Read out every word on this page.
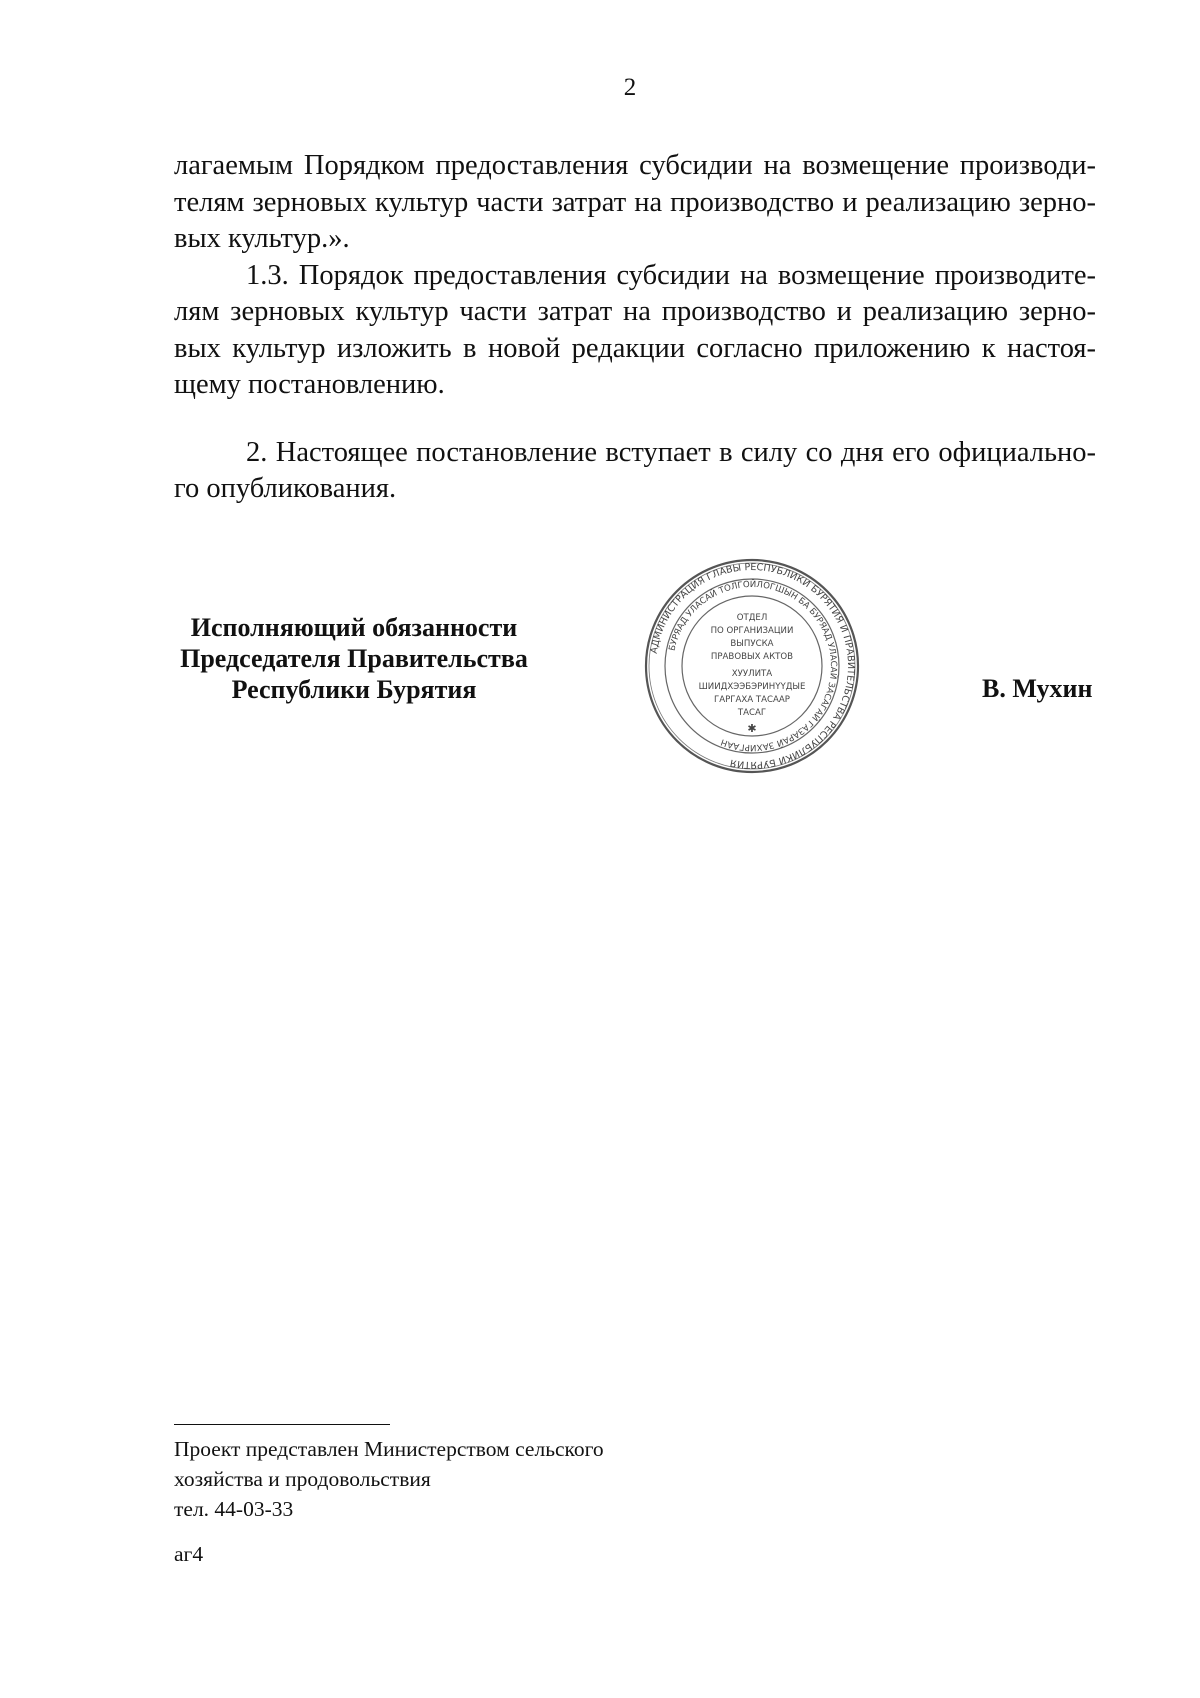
2
лагаемым Порядком предоставления субсидии на возмещение производи-
телям зерновых культур части затрат на производство и реализацию зерно-
вых культур.».
1.3. Порядок предоставления субсидии на возмещение производите-
лям зерновых культур части затрат на производство и реализацию зерно-
вых культур изложить в новой редакции согласно приложению к настоя-
щему постановлению.
2. Настоящее постановление вступает в силу со дня его официально-
го опубликования.
Исполняющий обязанности
Председателя Правительства
Республики Бурятия
АДМИНИСТРАЦИЯ ГЛАВЫ РЕСПУБЛИКИ БУРЯТИЯ И ПРАВИТЕЛЬСТВА РЕСПУБЛИКИ БУРЯТИЯ
БУРЯАД УЛАСАЙ ТОЛГОЙЛОГШЫН БА БУРЯАД УЛАСАЙ ЗАСАГАЙ ГАЗАРАЙ ЗАХИРГААН
ОТДЕЛ
ПО ОРГАНИЗАЦИИ
ВЫПУСКА
ПРАВОВЫХ АКТОВ
ХУУЛИТА
ШИИДХЭЭБЭРИНҮҮДЫЕ
ГАРГАХА ТАСААР
ТАСАГ
✱
В. Мухин
Проект представлен Министерством сельского
хозяйства и продовольствия
тел. 44-03-33
аг4
